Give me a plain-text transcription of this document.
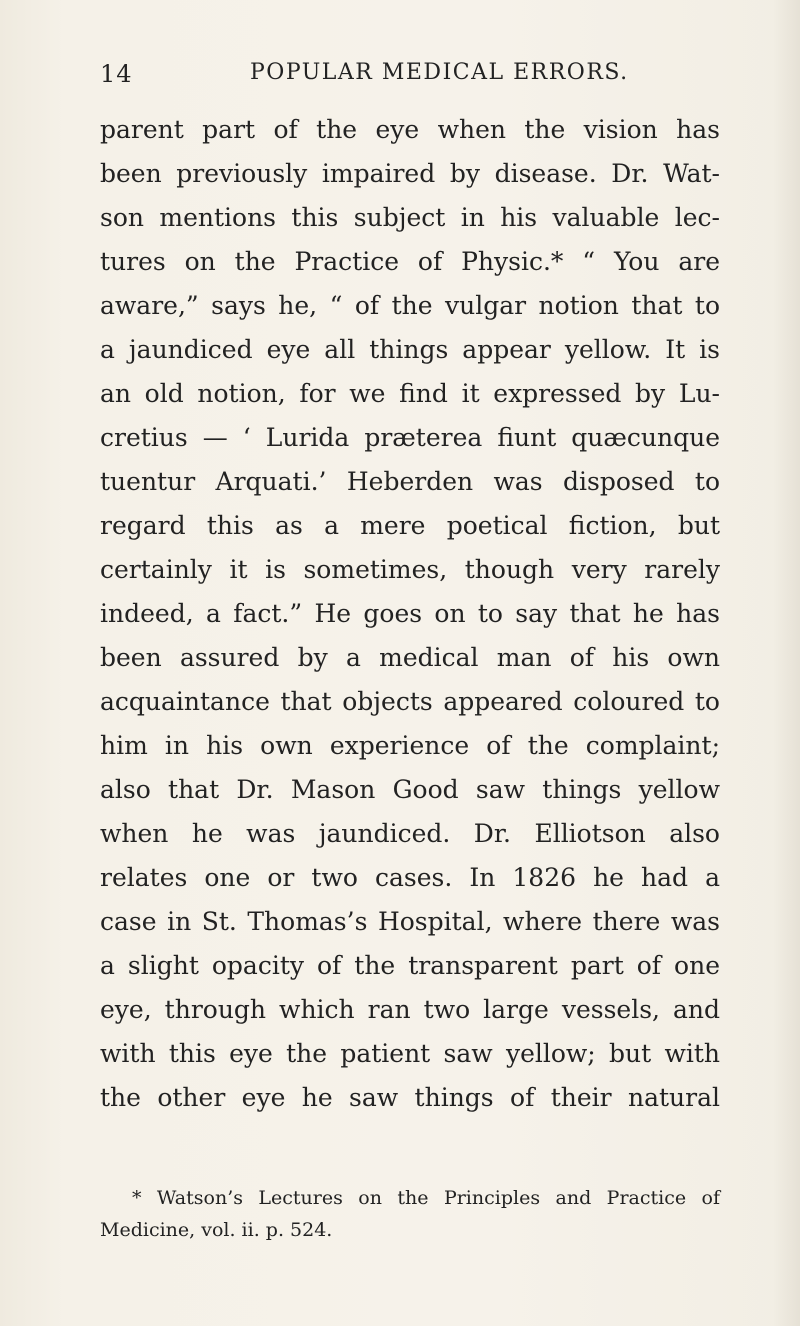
14	POPULAR MEDICAL ERRORS.
parent part of the eye when the vision has
been previously impaired by disease. Dr. Wat-
son mentions this subject in his valuable lec-
tures on the Practice of Physic.* “ You are
aware,” says he, “ of the vulgar notion that to
a jaundiced eye all things appear yellow. It is
an old notion, for we find it expressed by Lu-
cretius — ‘ Lurida præterea fiunt quæcunque
tuentur Arquati.’ Heberden was disposed to
regard this as a mere poetical fiction, but
certainly it is sometimes, though very rarely
indeed, a fact.” He goes on to say that he has
been assured by a medical man of his own
acquaintance that objects appeared coloured to
him in his own experience of the complaint;
also that Dr. Mason Good saw things yellow
when he was jaundiced. Dr. Elliotson also
relates one or two cases. In 1826 he had a
case in St. Thomas’s Hospital, where there was
a slight opacity of the transparent part of one
eye, through which ran two large vessels, and
with this eye the patient saw yellow; but with
the other eye he saw things of their natural
* Watson’s Lectures on the Principles and Practice of
Medicine, vol. ii. p. 524.
